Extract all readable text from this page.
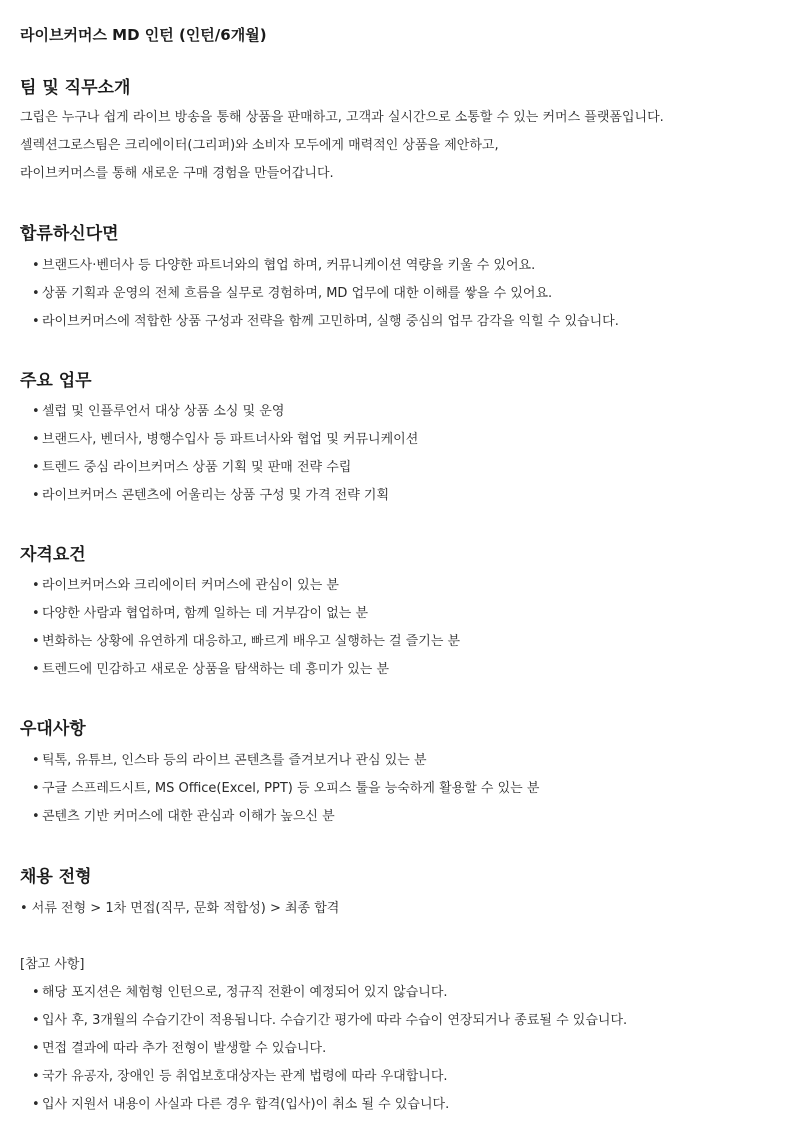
라이브커머스 MD 인턴 (인턴/6개월)
팀 및 직무소개
그립은 누구나 쉽게 라이브 방송을 통해 상품을 판매하고, 고객과 실시간으로 소통할 수 있는 커머스 플랫폼입니다.
셀렉션그로스팀은 크리에이터(그리퍼)와 소비자 모두에게 매력적인 상품을 제안하고,
라이브커머스를 통해 새로운 구매 경험을 만들어갑니다.
합류하신다면
• 브랜드사·벤더사 등 다양한 파트너와의 협업 하며, 커뮤니케이션 역량을 키울 수 있어요.
• 상품 기획과 운영의 전체 흐름을 실무로 경험하며, MD 업무에 대한 이해를 쌓을 수 있어요.
• 라이브커머스에 적합한 상품 구성과 전략을 함께 고민하며, 실행 중심의 업무 감각을 익힐 수 있습니다.
주요 업무
• 셀럽 및 인플루언서 대상 상품 소싱 및 운영
• 브랜드사, 벤더사, 병행수입사 등 파트너사와 협업 및 커뮤니케이션
• 트렌드 중심 라이브커머스 상품 기획 및 판매 전략 수립
• 라이브커머스 콘텐츠에 어울리는 상품 구성 및 가격 전략 기획
자격요건
• 라이브커머스와 크리에이터 커머스에 관심이 있는 분
• 다양한 사람과 협업하며, 함께 일하는 데 거부감이 없는 분
• 변화하는 상황에 유연하게 대응하고, 빠르게 배우고 실행하는 걸 즐기는 분
• 트렌드에 민감하고 새로운 상품을 탐색하는 데 흥미가 있는 분
우대사항
• 틱톡, 유튜브, 인스타 등의 라이브 콘텐츠를 즐겨보거나 관심 있는 분
• 구글 스프레드시트, MS Office(Excel, PPT) 등 오피스 툴을 능숙하게 활용할 수 있는 분
• 콘텐츠 기반 커머스에 대한 관심과 이해가 높으신 분
채용 전형
• 서류 전형 > 1차 면접(직무, 문화 적합성) > 최종 합격
[참고 사항]
• 해당 포지션은 체험형 인턴으로, 정규직 전환이 예정되어 있지 않습니다.
• 입사 후, 3개월의 수습기간이 적용됩니다. 수습기간 평가에 따라 수습이 연장되거나 종료될 수 있습니다.
• 면접 결과에 따라 추가 전형이 발생할 수 있습니다.
• 국가 유공자, 장애인 등 취업보호대상자는 관계 법령에 따라 우대합니다.
• 입사 지원서 내용이 사실과 다른 경우 합격(입사)이 취소 될 수 있습니다.
